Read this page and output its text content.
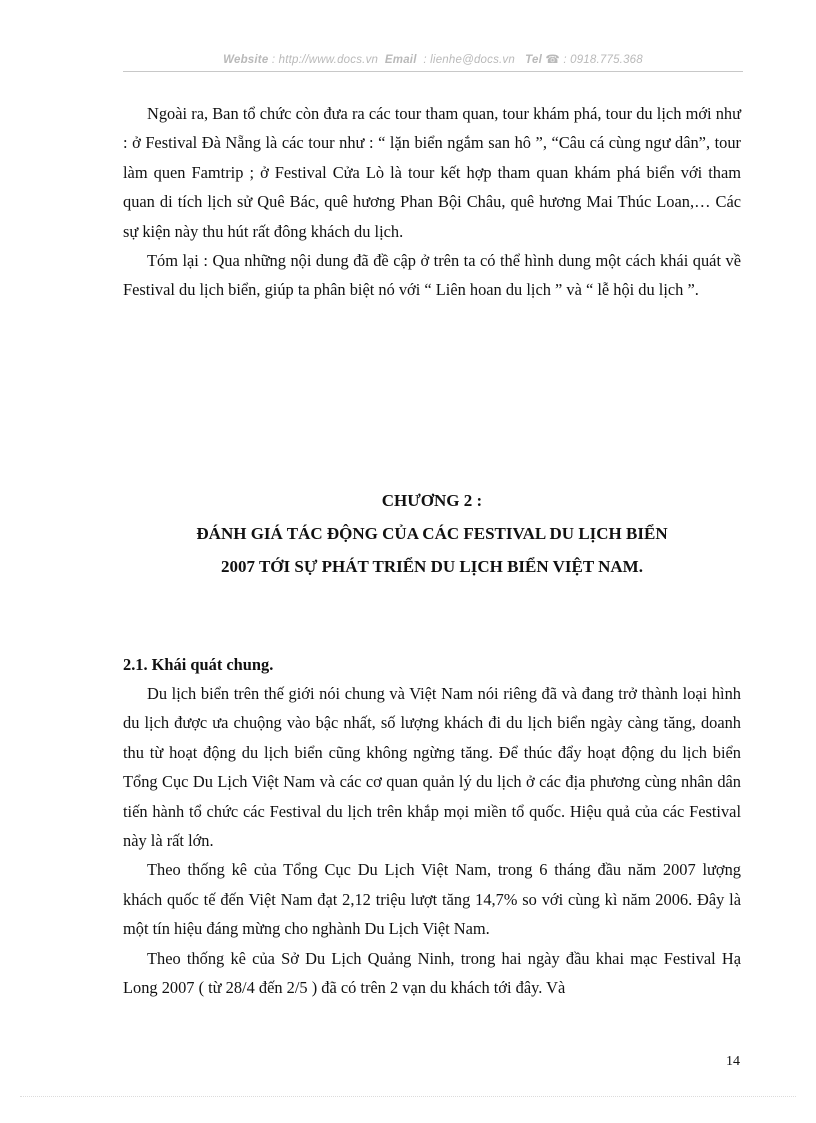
Website : http://www.docs.vn Email : lienhe@docs.vn Tel ☎ : 0918.775.368

Ngoài ra, Ban tổ chức còn đưa ra các tour tham quan, tour khám phá, tour du lịch mới như : ở Festival Đà Nẵng là các tour như : “ lặn biển ngắm san hô ”, “Câu cá cùng ngư dân”, tour làm quen Famtrip ; ở Festival Cửa Lò là tour kết hợp tham quan khám phá biển với tham quan di tích lịch sử Quê Bác, quê hương Phan Bội Châu, quê hương Mai Thúc Loan,… Các sự kiện này thu hút rất đông khách du lịch.

Tóm lại : Qua những nội dung đã đề cập ở trên ta có thể hình dung một cách khái quát về Festival du lịch biển, giúp ta phân biệt nó với “ Liên hoan du lịch ” và “ lễ hội du lịch ”.

CHƯƠNG 2 :
ĐÁNH GIÁ TÁC ĐỘNG CỦA CÁC FESTIVAL DU LỊCH BIỂN
2007 TỚI SỰ PHÁT TRIỂN DU LỊCH BIỂN VIỆT NAM.
2.1. Khái quát chung.

Du lịch biển trên thế giới nói chung và Việt Nam nói riêng đã và đang trở thành loại hình du lịch được ưa chuộng vào bậc nhất, số lượng khách đi du lịch biển ngày càng tăng, doanh thu từ hoạt động du lịch biển cũng không ngừng tăng. Để thúc đẩy hoạt động du lịch biển Tổng Cục Du Lịch Việt Nam và các cơ quan quản lý du lịch ở các địa phương cùng nhân dân tiến hành tổ chức các Festival du lịch trên khắp mọi miền tổ quốc. Hiệu quả của các Festival này là rất lớn.

Theo thống kê của Tổng Cục Du Lịch Việt Nam, trong 6 tháng đầu năm 2007 lượng khách quốc tế đến Việt Nam đạt 2,12 triệu lượt tăng 14,7% so với cùng kì năm 2006. Đây là một tín hiệu đáng mừng cho nghành Du Lịch Việt Nam.

Theo thống kê của Sở Du Lịch Quảng Ninh, trong hai ngày đầu khai mạc Festival Hạ Long 2007 ( từ 28/4 đến 2/5 ) đã có trên 2 vạn du khách tới đây. Và

14
